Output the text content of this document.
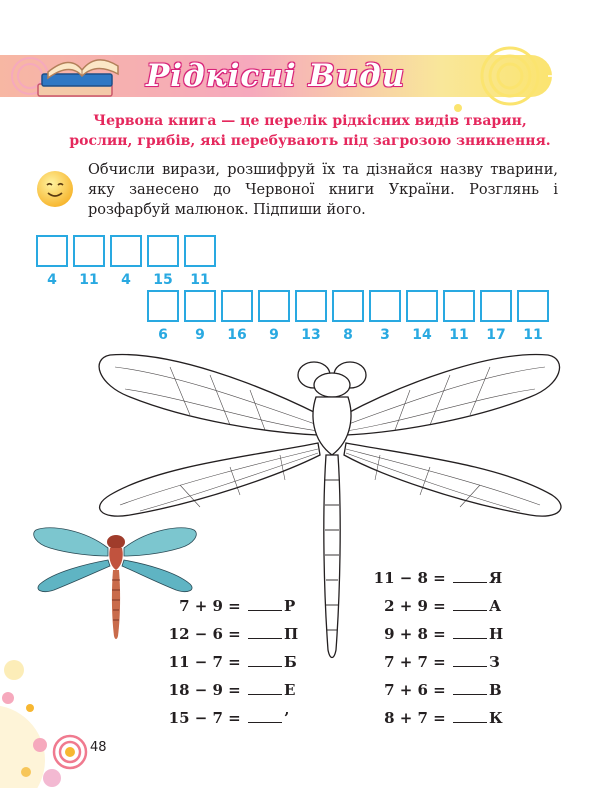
Рідкісні Види
Червона книга — це перелік рідкісних видів тварин,
рослин, грибів, які перебувають під загрозою зникнення.
Обчисли вирази, розшифруй їх та дізнайся назву тварини, яку занесено до Червоної книги України. Розглянь і розфарбуй малюнок. Підпиши його.
4	11	4	15	11
6	9	16	9	13	8	3	14	11	17	11
7 + 9 =	Р
12 − 6 =	П
11 − 7 =	Б
18 − 9 =	Е
15 − 7 =	’
11 − 8 =	Я
2 + 9 =	А
9 + 8 =	Н
7 + 7 =	З
7 + 6 =	В
8 + 7 =	К
48
